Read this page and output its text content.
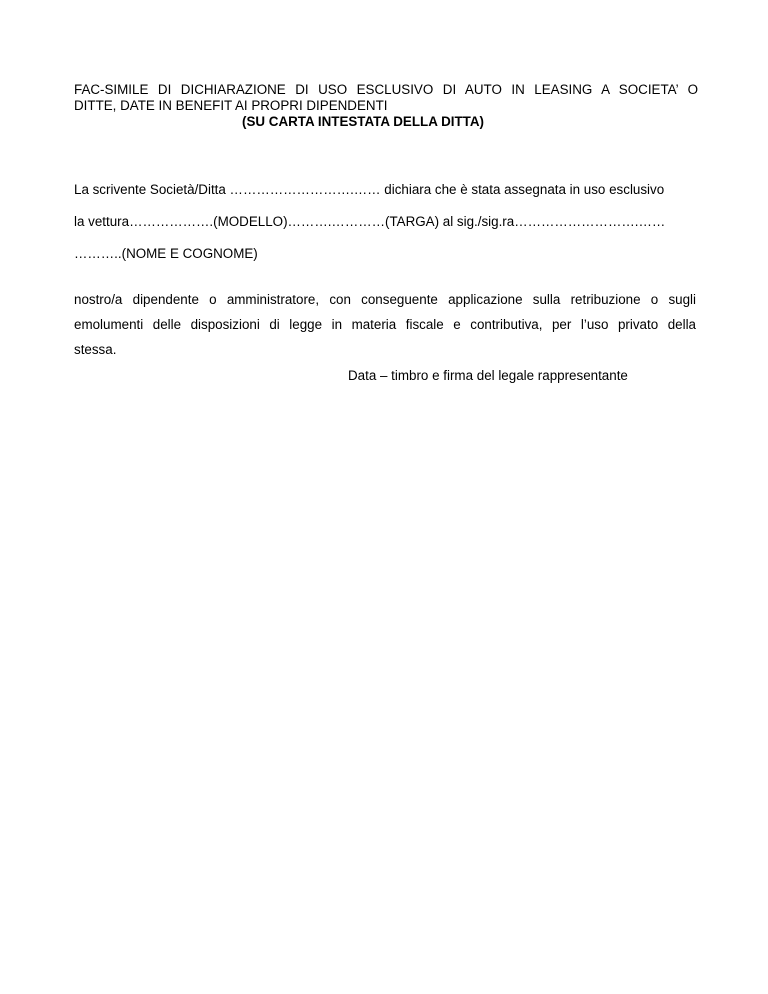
FAC-SIMILE DI DICHIARAZIONE DI USO ESCLUSIVO DI AUTO IN LEASING A SOCIETA’ O
DITTE, DATE IN BENEFIT AI PROPRI DIPENDENTI
(SU CARTA INTESTATA DELLA DITTA)
La scrivente Società/Ditta ……………………….…… dichiara che è stata assegnata in uso esclusivo
la vettura……………….(MODELLO)……….…………(TARGA) al sig./sig.ra……………………….……
………..(NOME E COGNOME)
nostro/a dipendente o amministratore, con conseguente applicazione sulla retribuzione o sugli
emolumenti delle disposizioni di legge in materia fiscale e contributiva, per l’uso privato della
stessa.
Data – timbro e firma del legale rappresentante
